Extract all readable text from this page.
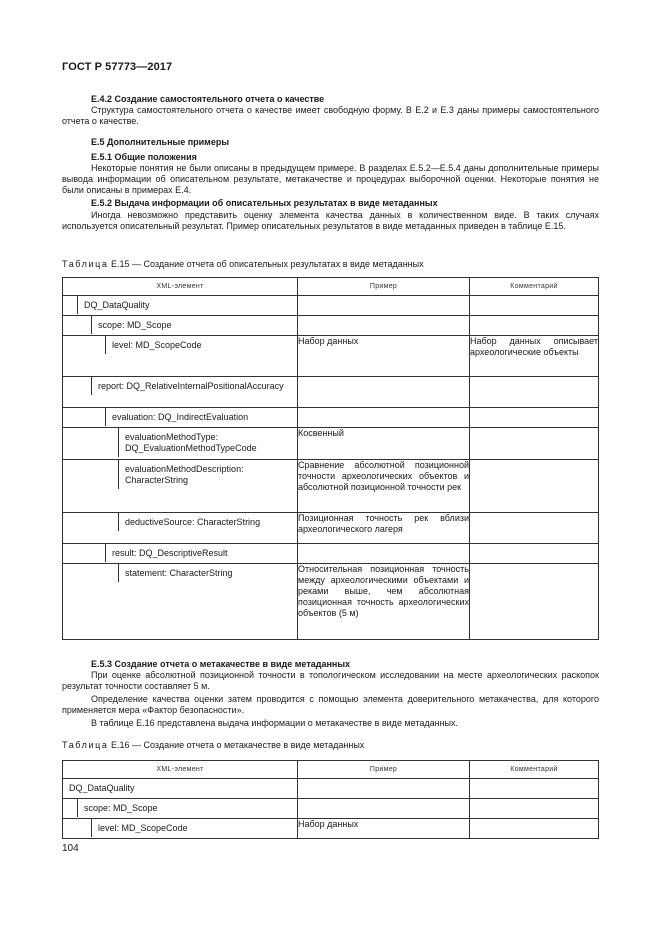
ГОСТ Р 57773—2017

E.4.2 Создание самостоятельного отчета о качестве

Структура самостоятельного отчета о качестве имеет свободную форму. В Е.2 и Е.3 даны примеры самостоятельного отчета о качестве.

Е.5 Дополнительные примеры

Е.5.1 Общие положения

Некоторые понятия не были описаны в предыдущем примере. В разделах Е.5.2—Е.5.4 даны дополнительные примеры вывода информации об описательном результате, метакачестве и процедурах выборочной оценки. Некоторые понятия не были описаны в примерах Е.4.

Е.5.2 Выдача информации об описательных результатах в виде метаданных

Иногда невозможно представить оценку элемента качества данных в количественном виде. В таких случаях используется описательный результат. Пример описательных результатов в виде метаданных приведен в таблице Е.15.

Таблица Е.15 — Создание отчета об описательных результатах в виде метаданных
XML-элемент	Пример	Комментарий

DQ_DataQuality		

scope: MD_Scope		

level: MD_ScopeCode	Набор данных	Набор данных описывает археологические объекты

report: DQ_RelativeInternalPositionalAccuracy		

evaluation: DQ_IndirectEvaluation		

evaluationMethodType: DQ_EvaluationMethodTypeCode	Косвенный	

evaluationMethodDescription: CharacterString	Сравнение абсолютной позиционной точности археологических объектов и абсолютной позиционной точности рек	

deductiveSource: CharacterString	Позиционная точность рек вблизи археологического лагеря	

result: DQ_DescriptiveResult		

statement: CharacterString	Относительная позиционная точность между археологическими объектами и реками выше, чем абсолютная позиционная точность археологических объектов (5 м)	

Е.5.3 Создание отчета о метакачестве в виде метаданных

При оценке абсолютной позиционной точности в топологическом исследовании на месте археологических раскопок результат точности составляет 5 м.

Определение качества оценки затем проводится с помощью элемента доверительного метакачества, для которого применяется мера «Фактор безопасности».

В таблице Е.16 представлена выдача информации о метакачестве в виде метаданных.

Таблица Е.16 — Создание отчета о метакачестве в виде метаданных
XML-элемент	Пример	Комментарий

DQ_DataQuality		

scope: MD_Scope		

level: MD_ScopeCode	Набор данных	
104
